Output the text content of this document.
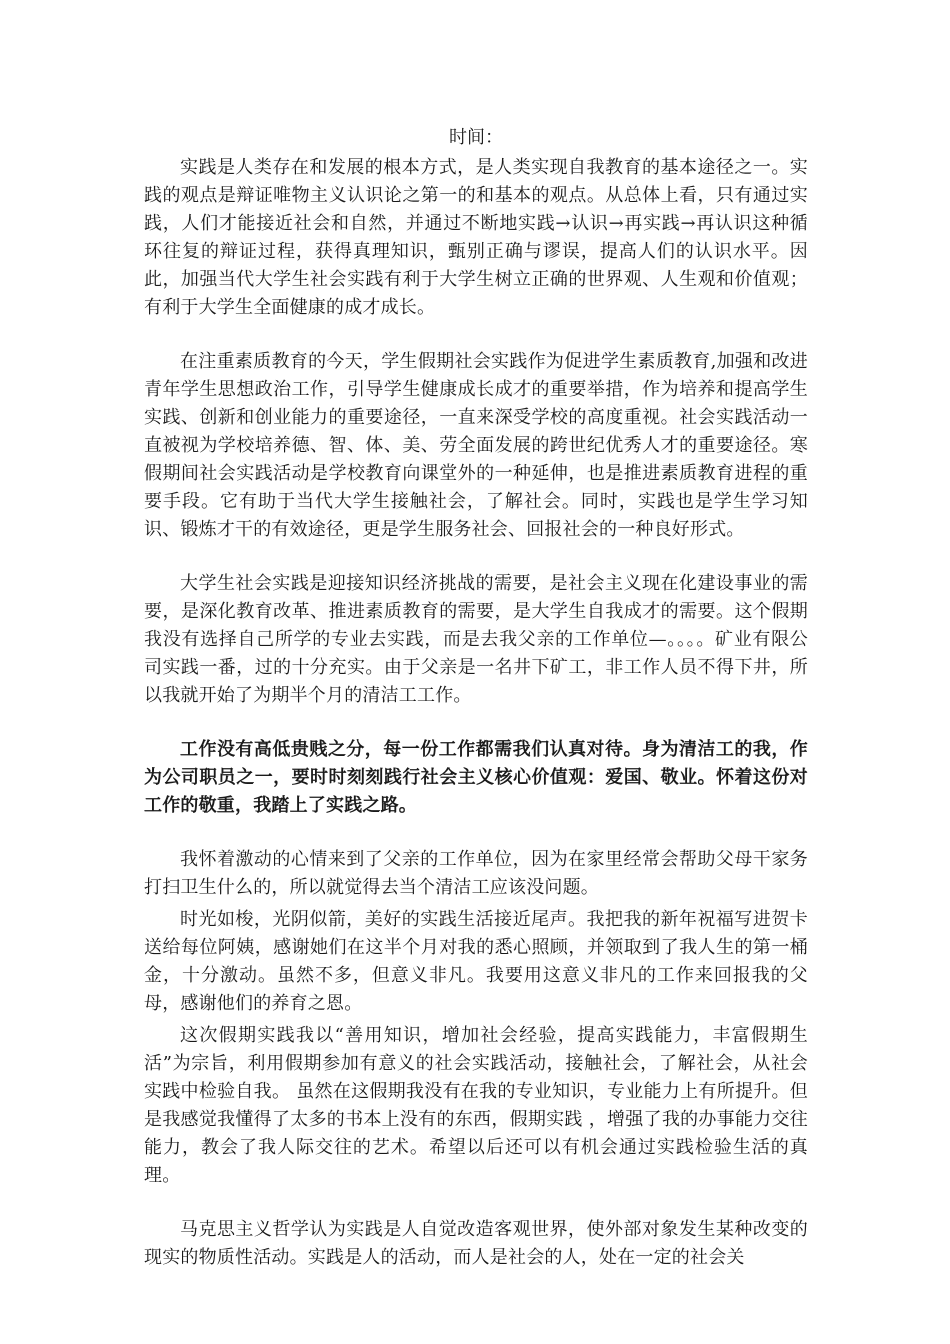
时间：

实践是人类存在和发展的根本方式，是人类实现自我教育的基本途径之一。实践的观点是辩证唯物主义认识论之第一的和基本的观点。从总体上看，只有通过实践，人们才能接近社会和自然，并通过不断地实践→认识→再实践→再认识这种循环往复的辩证过程，获得真理知识，甄别正确与谬误，提高人们的认识水平。因此，加强当代大学生社会实践有利于大学生树立正确的世界观、人生观和价值观；有利于大学生全面健康的成才成长。

在注重素质教育的今天，学生假期社会实践作为促进学生素质教育,加强和改进青年学生思想政治工作，引导学生健康成长成才的重要举措，作为培养和提高学生实践、创新和创业能力的重要途径，一直来深受学校的高度重视。社会实践活动一直被视为学校培养德、智、体、美、劳全面发展的跨世纪优秀人才的重要途径。寒假期间社会实践活动是学校教育向课堂外的一种延伸，也是推进素质教育进程的重要手段。它有助于当代大学生接触社会，了解社会。同时，实践也是学生学习知识、锻炼才干的有效途径，更是学生服务社会、回报社会的一种良好形式。

大学生社会实践是迎接知识经济挑战的需要，是社会主义现在化建设事业的需要，是深化教育改革、推进素质教育的需要，是大学生自我成才的需要。这个假期我没有选择自己所学的专业去实践，而是去我父亲的工作单位—。。。。矿业有限公司实践一番，过的十分充实。由于父亲是一名井下矿工，非工作人员不得下井，所以我就开始了为期半个月的清洁工工作。

工作没有高低贵贱之分，每一份工作都需我们认真对待。身为清洁工的我，作为公司职员之一，要时时刻刻践行社会主义核心价值观：爱国、敬业。怀着这份对工作的敬重，我踏上了实践之路。

我怀着激动的心情来到了父亲的工作单位，因为在家里经常会帮助父母干家务打扫卫生什么的，所以就觉得去当个清洁工应该没问题。

时光如梭，光阴似箭，美好的实践生活接近尾声。我把我的新年祝福写进贺卡送给每位阿姨，感谢她们在这半个月对我的悉心照顾，并领取到了我人生的第一桶金，十分激动。虽然不多，但意义非凡。我要用这意义非凡的工作来回报我的父母，感谢他们的养育之恩。

这次假期实践我以“善用知识，增加社会经验，提高实践能力，丰富假期生活”为宗旨，利用假期参加有意义的社会实践活动，接触社会，了解社会，从社会实践中检验自我。 虽然在这假期我没有在我的专业知识，专业能力上有所提升。但是我感觉我懂得了太多的书本上没有的东西，假期实践 ，增强了我的办事能力交往能力，教会了我人际交往的艺术。希望以后还可以有机会通过实践检验生活的真理。

马克思主义哲学认为实践是人自觉改造客观世界，使外部对象发生某种改变的现实的物质性活动。实践是人的活动，而人是社会的人，处在一定的社会关
